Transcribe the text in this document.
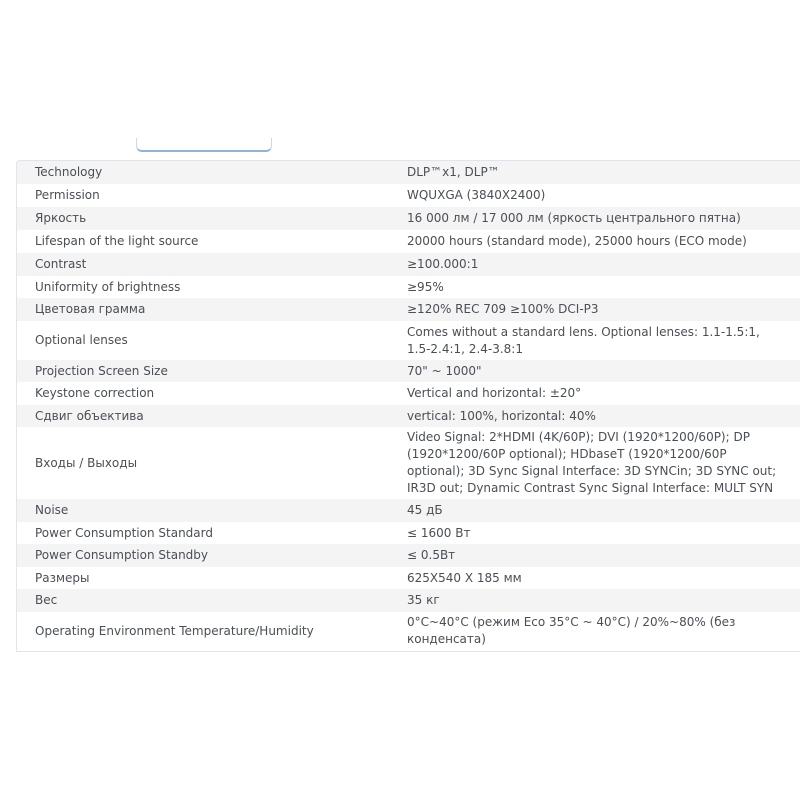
Technology	DLP™x1, DLP™
Permission	WQUXGA (3840X2400)
Яркость	16 000 лм / 17 000 лм (яркость центрального пятна)
Lifespan of the light source	20000 hours (standard mode), 25000 hours (ECO mode)
Contrast	≥100.000:1
Uniformity of brightness	≥95%
Цветовая грамма	≥120% REC 709 ≥100% DCI-P3
Optional lenses	Comes without a standard lens. Optional lenses: 1.1-1.5:1, 1.5-2.4:1, 2.4-3.8:1
Projection Screen Size	70" ~ 1000"
Keystone correction	Vertical and horizontal: ±20°
Сдвиг объектива	vertical: 100%, horizontal: 40%
Входы / Выходы	Video Signal: 2*HDMI (4K/60P); DVI (1920*1200/60P); DP (1920*1200/60P optional); HDbaseT (1920*1200/60P optional); 3D Sync Signal Interface: 3D SYNCin; 3D SYNC out; IR3D out; Dynamic Contrast Sync Signal Interface: MULT SYN
Noise	45 дБ
Power Consumption Standard	≤ 1600 Вт
Power Consumption Standby	≤ 0.5Вт
Размеры	625X540 X 185 мм
Вес	35 кг
Operating Environment Temperature/Humidity	0°C~40°C (режим Eco 35°C ~ 40°C) / 20%~80% (без конденсата)
